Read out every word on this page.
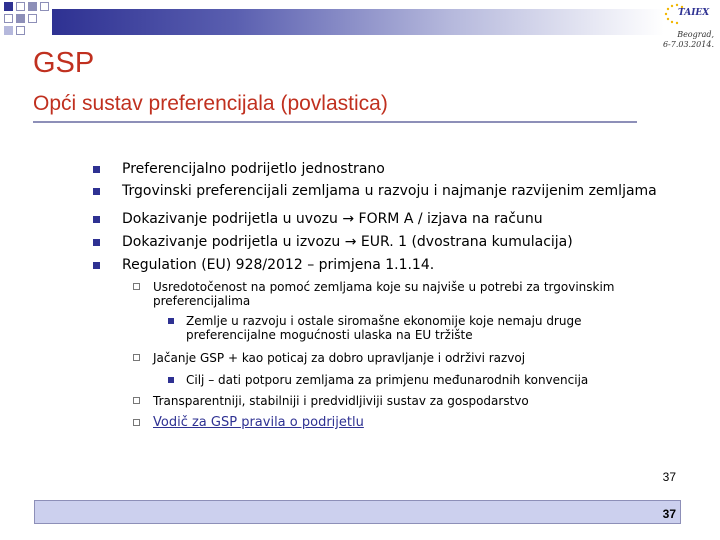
TAIEX
Beograd,
6-7.03.2014.
GSP
Opći sustav preferencijala (povlastica)
Preferencijalno podrijetlo jednostrano
Trgovinski preferencijali zemljama u razvoju i najmanje razvijenim zemljama
Dokazivanje podrijetla u uvozu → FORM A / izjava na računu
Dokazivanje podrijetla u izvozu → EUR. 1 (dvostrana kumulacija)
Regulation (EU) 928/2012 – primjena 1.1.14.
Usredotočenost na pomoć zemljama koje su najviše u potrebi za trgovinskim
preferencijalima
Zemlje u razvoju i ostale siromašne ekonomije koje nemaju druge
preferencijalne mogućnosti ulaska na EU tržište
Jačanje GSP + kao poticaj za dobro upravljanje i održivi razvoj
Cilj – dati potporu zemljama za primjenu međunarodnih konvencija
Transparentniji, stabilniji i predvidljiviji sustav za gospodarstvo
Vodič za GSP pravila o podrijetlu
37
37
